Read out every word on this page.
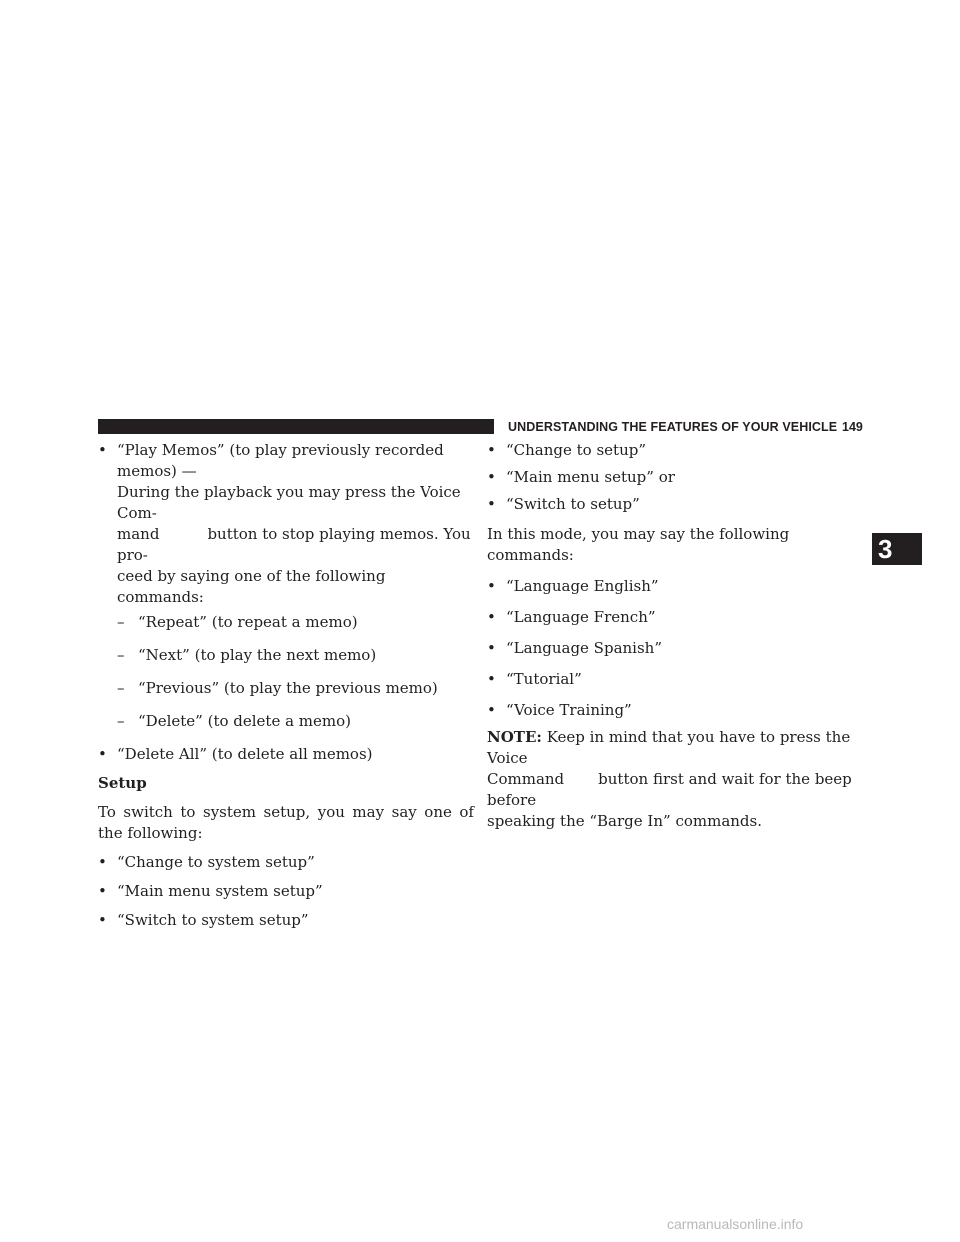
UNDERSTANDING THE FEATURES OF YOUR VEHICLE 149
3

• “Play Memos” (to play previously recorded memos) —
During the playback you may press the Voice Com-
mand	button to stop playing memos. You pro-
ceed by saying one of the following commands:

– “Repeat” (to repeat a memo)

– “Next” (to play the next memo)

– “Previous” (to play the previous memo)

– “Delete” (to delete a memo)

• “Delete All” (to delete all memos)

Setup

To switch to system setup, you may say one of the following:

• “Change to system setup”

• “Main menu system setup”

• “Switch to system setup”

• “Change to setup”

• “Main menu setup” or

• “Switch to setup”

In this mode, you may say the following commands:

• “Language English”

• “Language French”

• “Language Spanish”

• “Tutorial”

• “Voice Training”

NOTE: Keep in mind that you have to press the Voice
Command button first and wait for the beep before
speaking the “Barge In” commands.

carmanualsonline.info
